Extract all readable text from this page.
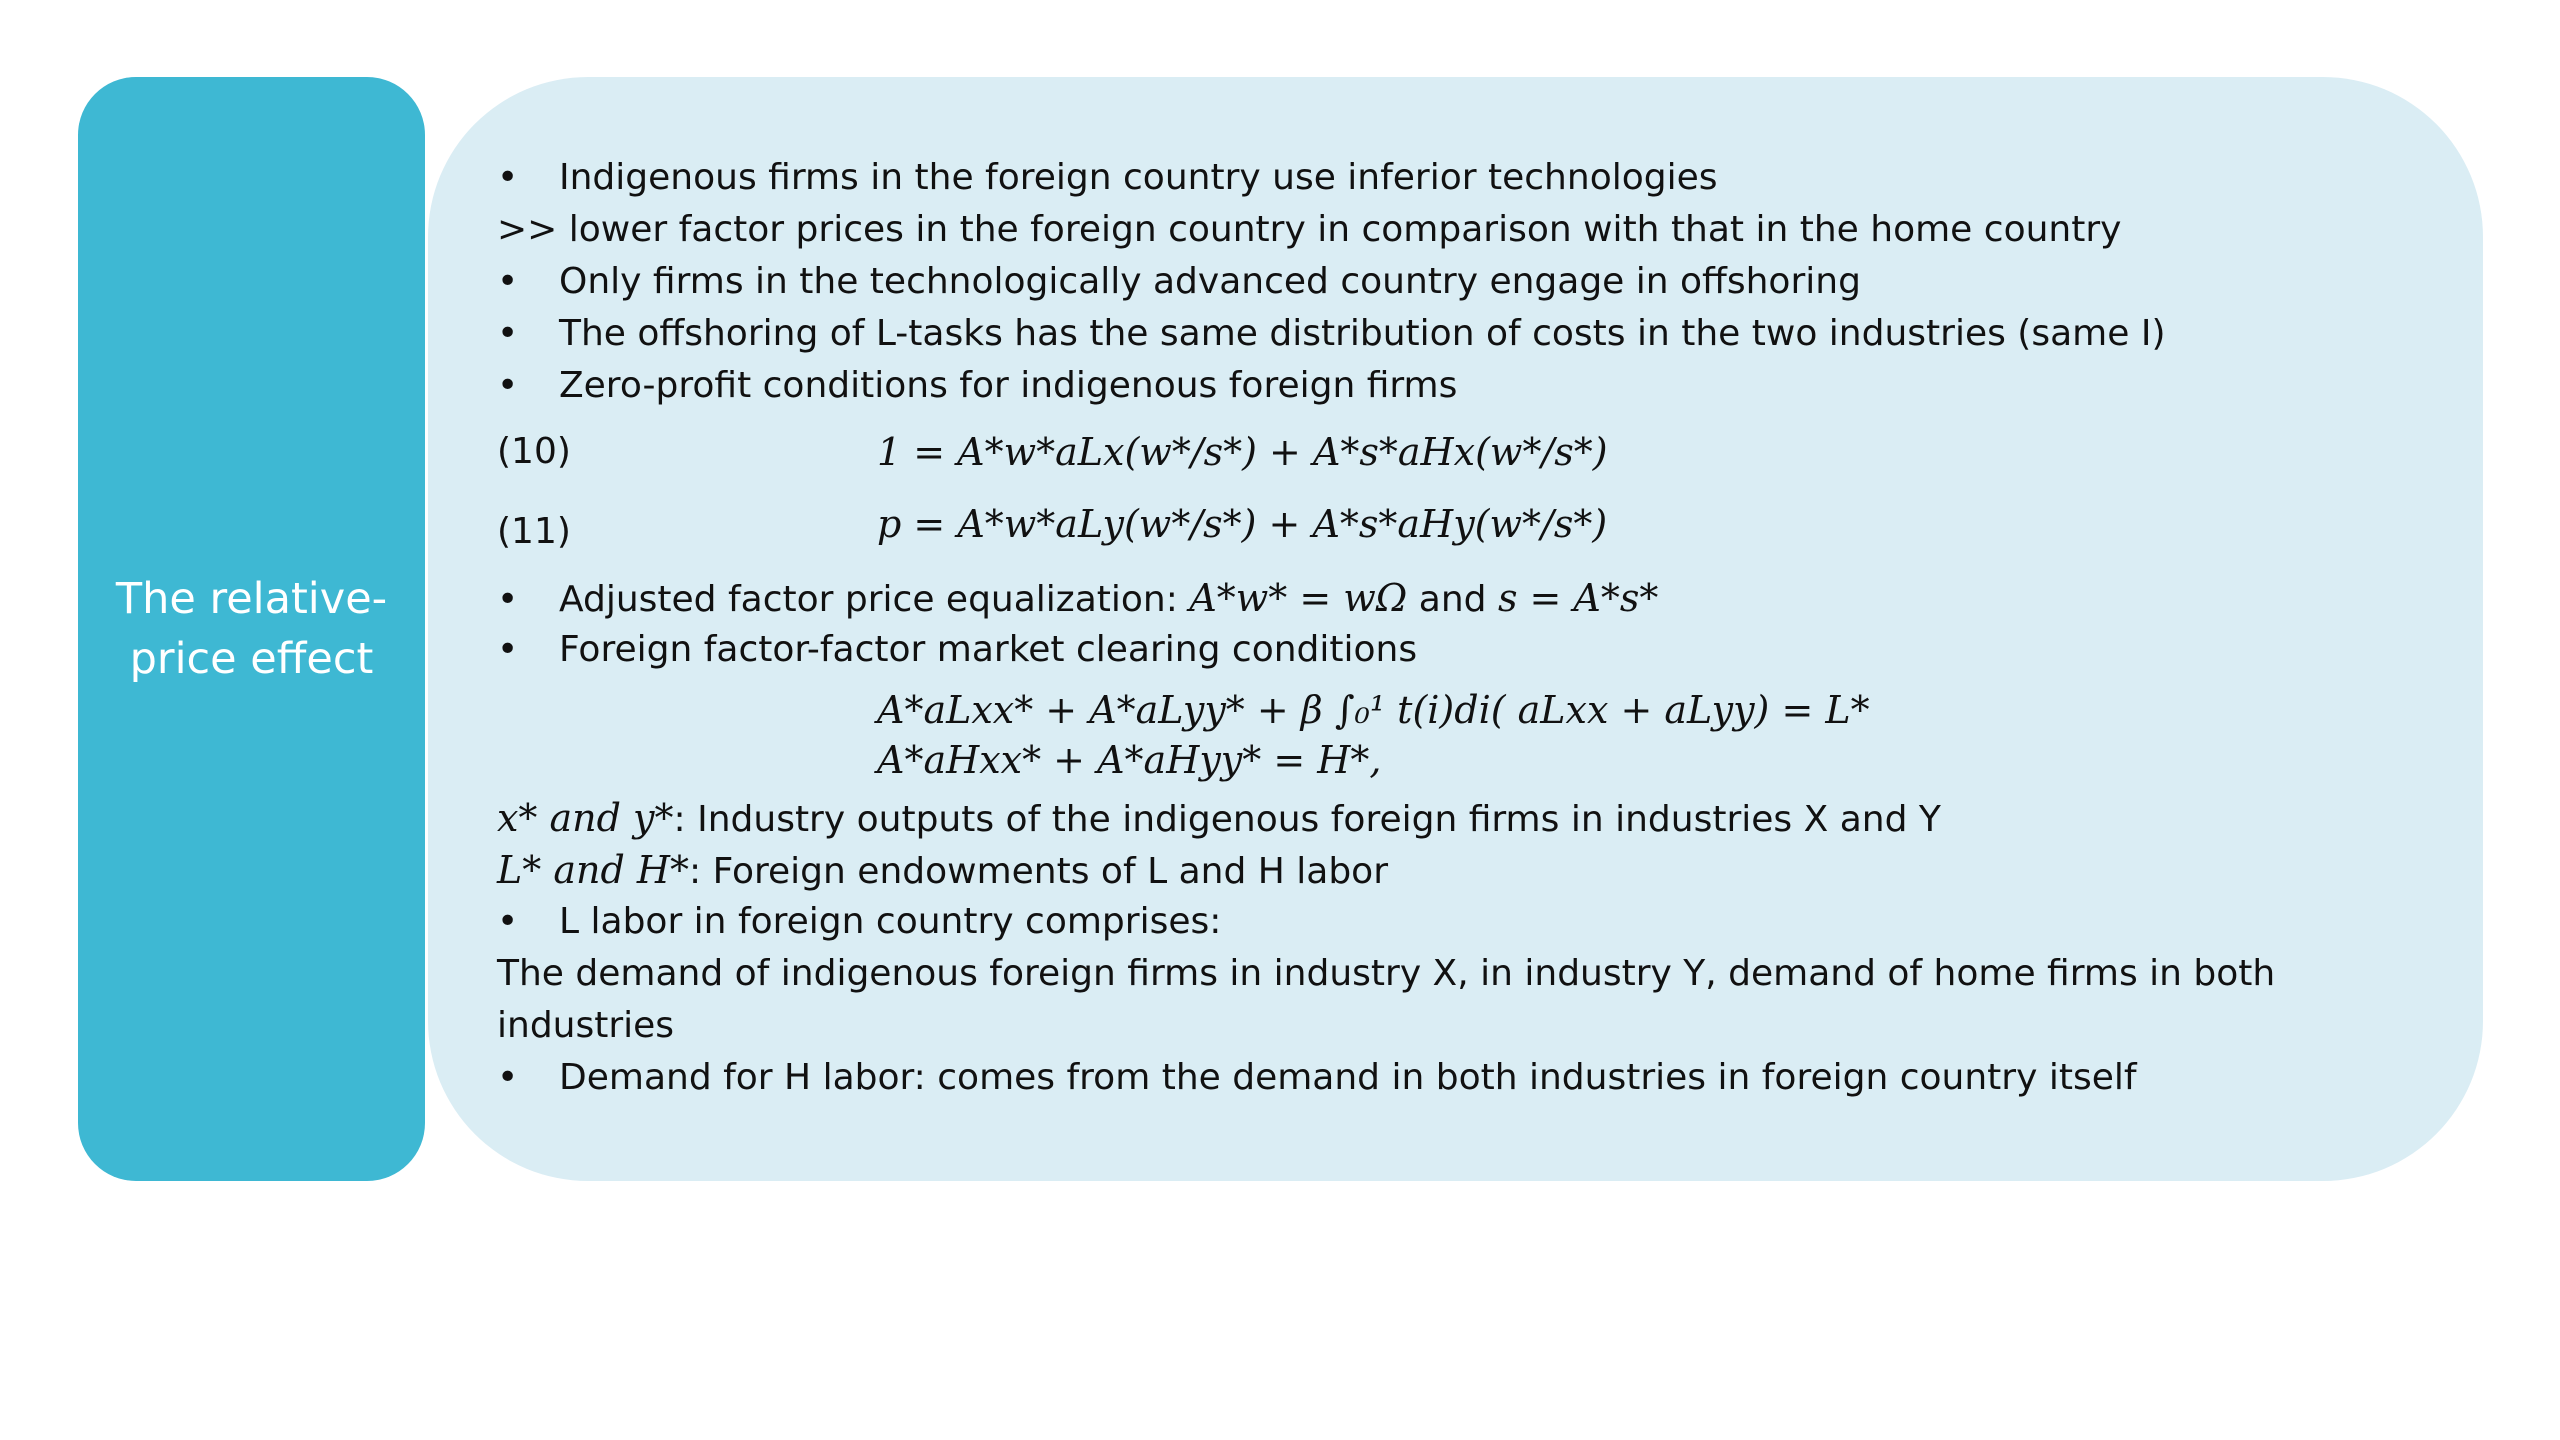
The relative-price effect
•Indigenous firms in the foreign country use inferior technologies
>> lower factor prices in the foreign country in comparison with that in the home country
•Only firms in the technologically advanced country engage in offshoring
•The offshoring of L-tasks has the same distribution of costs in the two industries (same I)
•Zero-profit conditions for indigenous foreign firms
(10)	1 = A*w*aLx(w*/s*) + A*s*aHx(w*/s*)
(11)	p = A*w*aLy(w*/s*) + A*s*aHy(w*/s*)
•Adjusted factor price equalization: A*w* = wΩ and s = A*s*
•Foreign factor-factor market clearing conditions
A*aLxx* + A*aLyy* + β ∫₀¹ t(i)di( aLxx + aLyy) = L*
A*aHxx* + A*aHyy* = H*,
x* and y*: Industry outputs of the indigenous foreign firms in industries X and Y
L* and H*: Foreign endowments of L and H labor
•L labor in foreign country comprises:
The demand of indigenous foreign firms in industry X, in industry Y, demand of home firms in both industries
•Demand for H labor: comes from the demand in both industries in foreign country itself
